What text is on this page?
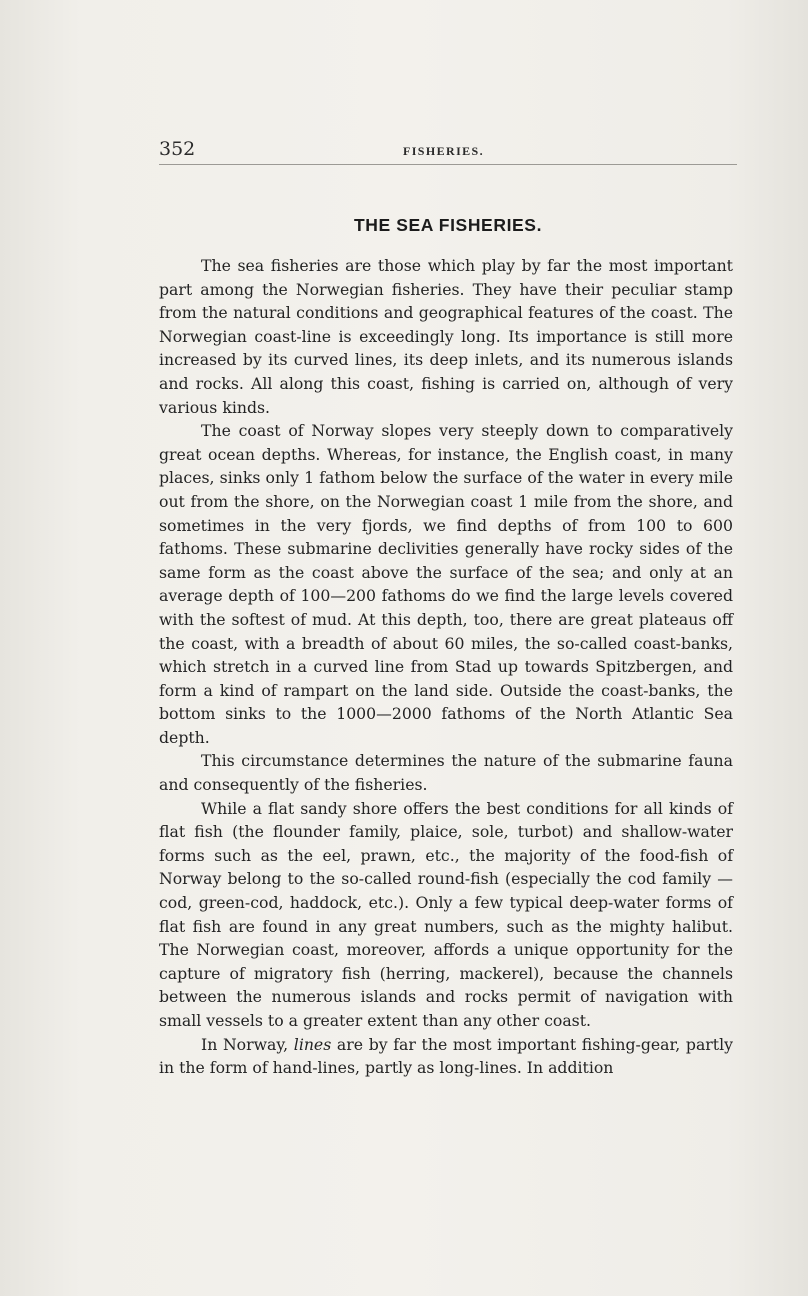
352	FISHERIES.
THE SEA FISHERIES.

The sea fisheries are those which play by far the most important part among the Norwegian fisheries. They have their peculiar stamp from the natural conditions and geographical features of the coast. The Norwegian coast-line is exceedingly long. Its importance is still more increased by its curved lines, its deep inlets, and its numerous islands and rocks. All along this coast, fishing is carried on, although of very various kinds.

The coast of Norway slopes very steeply down to comparatively great ocean depths. Whereas, for instance, the English coast, in many places, sinks only 1 fathom below the surface of the water in every mile out from the shore, on the Norwegian coast 1 mile from the shore, and sometimes in the very fjords, we find depths of from 100 to 600 fathoms. These submarine declivities generally have rocky sides of the same form as the coast above the surface of the sea; and only at an average depth of 100—200 fathoms do we find the large levels covered with the softest of mud. At this depth, too, there are great plateaus off the coast, with a breadth of about 60 miles, the so-called coast-banks, which stretch in a curved line from Stad up towards Spitzbergen, and form a kind of rampart on the land side. Outside the coast-banks, the bottom sinks to the 1000—2000 fathoms of the North Atlantic Sea depth.

This circumstance determines the nature of the submarine fauna and consequently of the fisheries.

While a flat sandy shore offers the best conditions for all kinds of flat fish (the flounder family, plaice, sole, turbot) and shallow-water forms such as the eel, prawn, etc., the majority of the food-fish of Norway belong to the so-called round-fish (especially the cod family — cod, green-cod, haddock, etc.). Only a few typical deep-water forms of flat fish are found in any great numbers, such as the mighty halibut. The Norwegian coast, moreover, affords a unique opportunity for the capture of migratory fish (herring, mackerel), because the channels between the numerous islands and rocks permit of navigation with small vessels to a greater extent than any other coast.

In Norway, lines are by far the most important fishing-gear, partly in the form of hand-lines, partly as long-lines. In addition
